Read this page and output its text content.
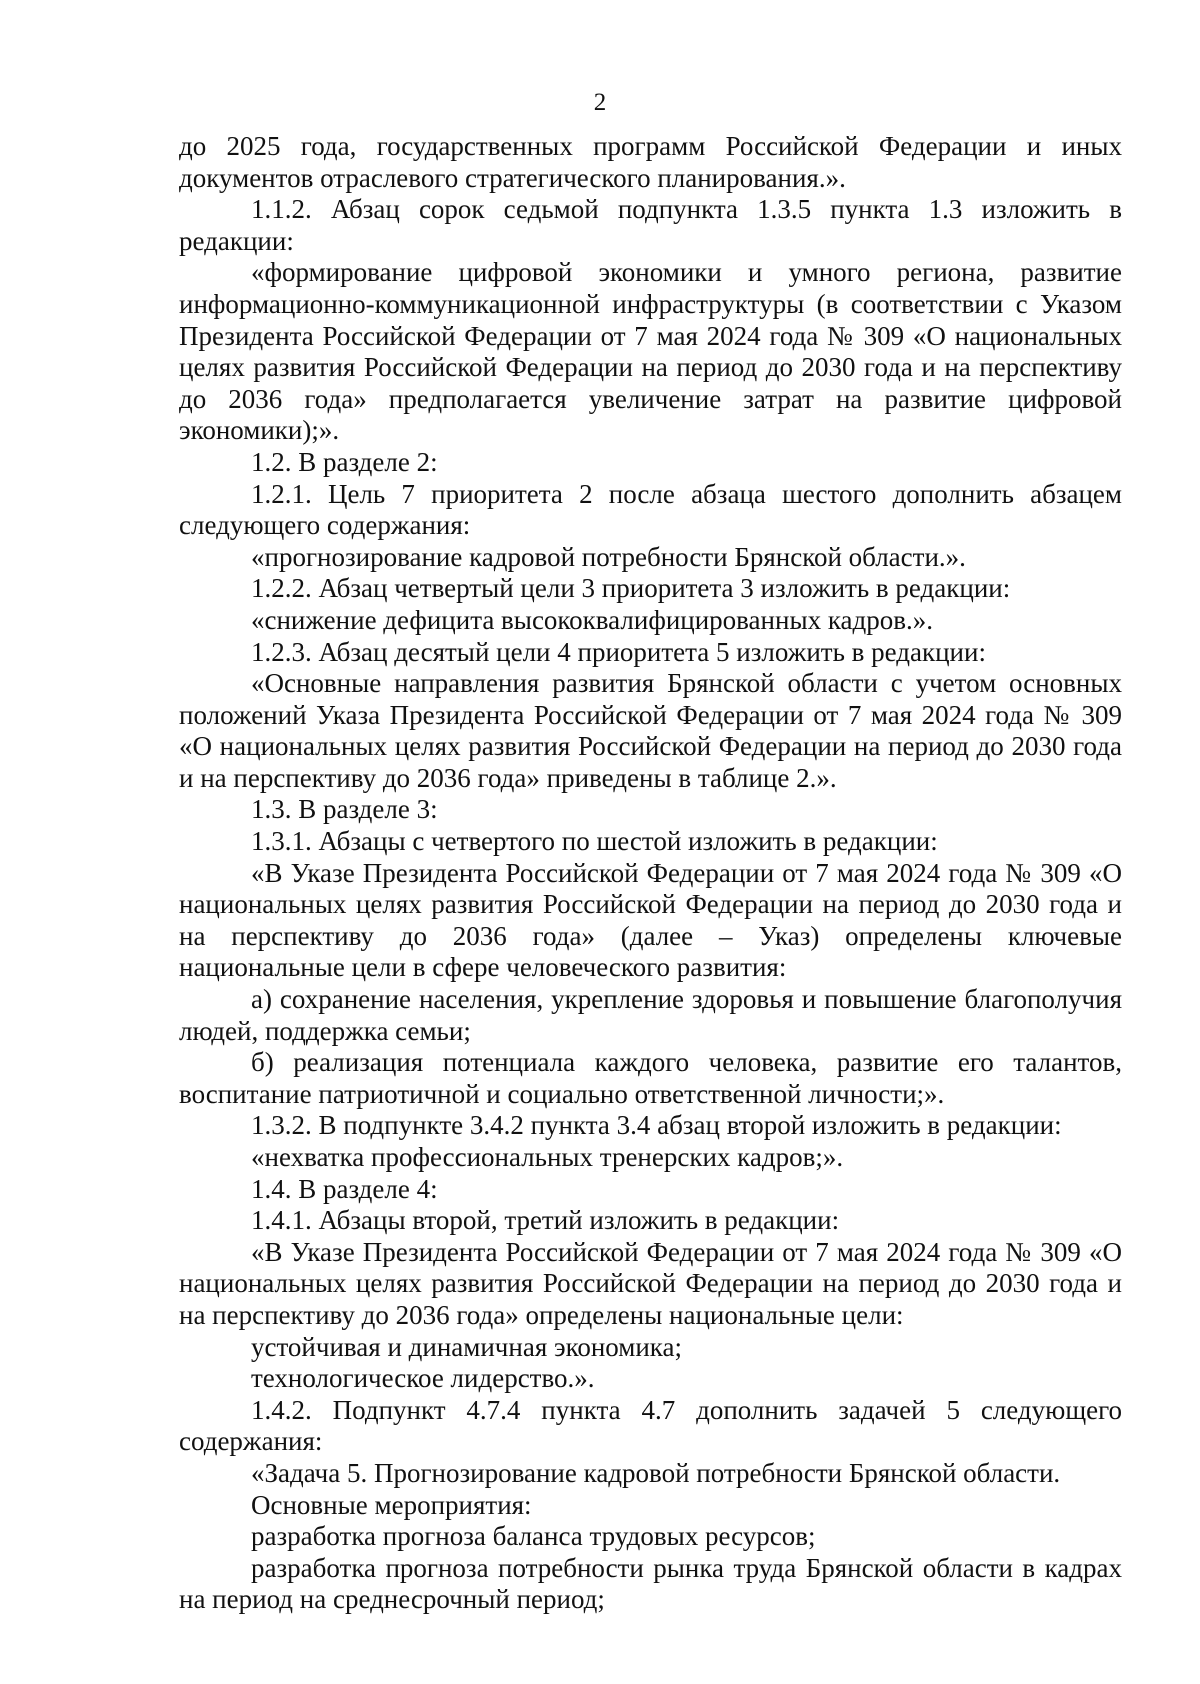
2

до 2025 года, государственных программ Российской Федерации и иных документов отраслевого стратегического планирования.».

1.1.2. Абзац сорок седьмой подпункта 1.3.5 пункта 1.3 изложить в редакции:

«формирование цифровой экономики и умного региона, развитие информационно-коммуникационной инфраструктуры (в соответствии с Указом Президента Российской Федерации от 7 мая 2024 года № 309 «О национальных целях развития Российской Федерации на период до 2030 года и на перспективу до 2036 года» предполагается увеличение затрат на развитие цифровой экономики);».

1.2. В разделе 2:

1.2.1. Цель 7 приоритета 2 после абзаца шестого дополнить абзацем следующего содержания:

«прогнозирование кадровой потребности Брянской области.».

1.2.2. Абзац четвертый цели 3 приоритета 3 изложить в редакции:

«снижение дефицита высококвалифицированных кадров.».

1.2.3. Абзац десятый цели 4 приоритета 5 изложить в редакции:

«Основные направления развития Брянской области с учетом основных положений Указа Президента Российской Федерации от 7 мая 2024 года № 309 «О национальных целях развития Российской Федерации на период до 2030 года и на перспективу до 2036 года» приведены в таблице 2.».

1.3. В разделе 3:

1.3.1. Абзацы с четвертого по шестой изложить в редакции:

«В Указе Президента Российской Федерации от 7 мая 2024 года № 309 «О национальных целях развития Российской Федерации на период до 2030 года и на перспективу до 2036 года» (далее – Указ) определены ключевые национальные цели в сфере человеческого развития:

а) сохранение населения, укрепление здоровья и повышение благополучия людей, поддержка семьи;

б) реализация потенциала каждого человека, развитие его талантов, воспитание патриотичной и социально ответственной личности;».

1.3.2. В подпункте 3.4.2 пункта 3.4 абзац второй изложить в редакции:

«нехватка профессиональных тренерских кадров;».

1.4. В разделе 4:

1.4.1. Абзацы второй, третий изложить в редакции:

«В Указе Президента Российской Федерации от 7 мая 2024 года № 309 «О национальных целях развития Российской Федерации на период до 2030 года и на перспективу до 2036 года» определены национальные цели:

устойчивая и динамичная экономика;

технологическое лидерство.».

1.4.2. Подпункт 4.7.4 пункта 4.7 дополнить задачей 5 следующего содержания:

«Задача 5. Прогнозирование кадровой потребности Брянской области.

Основные мероприятия:

разработка прогноза баланса трудовых ресурсов;

разработка прогноза потребности рынка труда Брянской области в кадрах на период на среднесрочный период;
